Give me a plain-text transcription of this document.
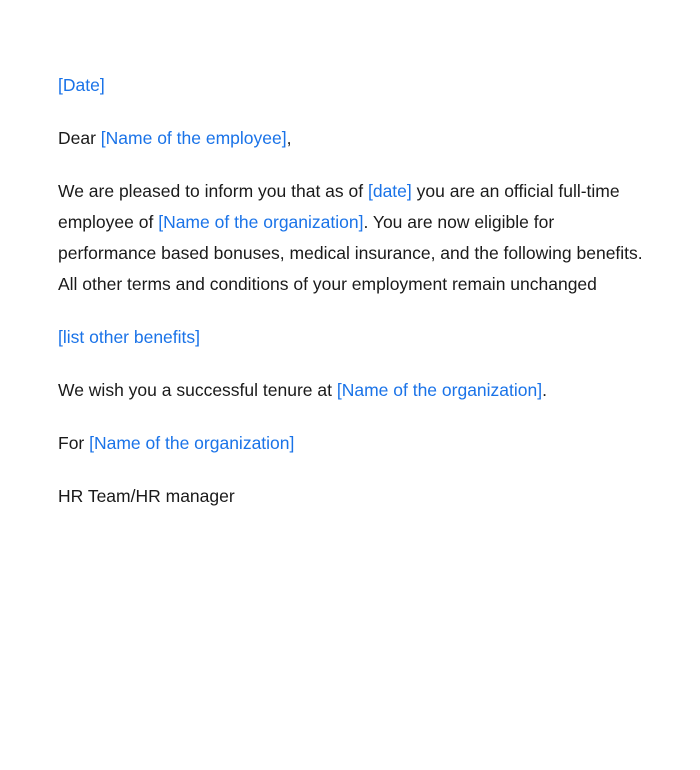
[Date]

Dear [Name of the employee],

We are pleased to inform you that as of [date] you are an official full-time employee of [Name of the organization]. You are now eligible for performance based bonuses, medical insurance, and the following benefits. All other terms and conditions of your employment remain unchanged

[list other benefits]

We wish you a successful tenure at [Name of the organization].

For [Name of the organization]

HR Team/HR manager
